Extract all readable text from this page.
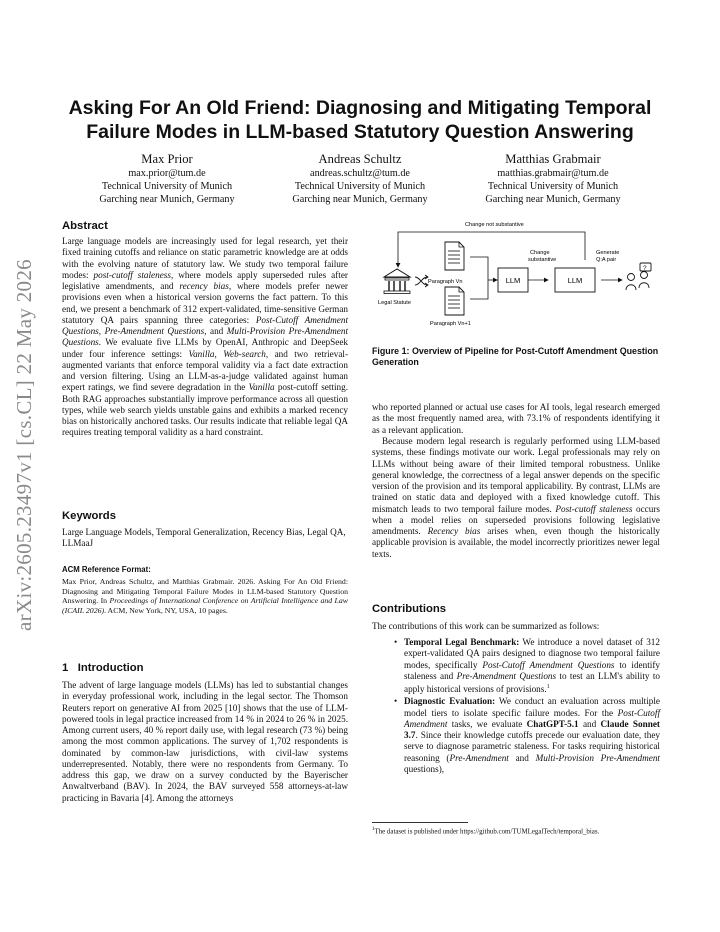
arXiv:2605.23497v1 [cs.CL] 22 May 2026
Asking For An Old Friend: Diagnosing and Mitigating Temporal
Failure Modes in LLM-based Statutory Question Answering
Max Prior
max.prior@tum.de
Technical University of Munich
Garching near Munich, Germany
Andreas Schultz
andreas.schultz@tum.de
Technical University of Munich
Garching near Munich, Germany
Matthias Grabmair
matthias.grabmair@tum.de
Technical University of Munich
Garching near Munich, Germany
Abstract

Large language models are increasingly used for legal research, yet their fixed training cutoffs and reliance on static parametric knowledge are at odds with the evolving nature of statutory law. We study two temporal failure modes: post-cutoff staleness, where models apply superseded rules after legislative amendments, and recency bias, where models prefer newer provisions even when a historical version governs the fact pattern. To this end, we present a benchmark of 312 expert-validated, time-sensitive German statutory QA pairs spanning three categories: Post-Cutoff Amendment Questions, Pre-Amendment Questions, and Multi-Provision Pre-Amendment Questions. We evaluate five LLMs by OpenAI, Anthropic and DeepSeek under four inference settings: Vanilla, Web-search, and two retrieval-augmented variants that enforce temporal validity via a fact date extraction and version filtering. Using an LLM-as-a-judge validated against human expert ratings, we find severe degradation in the Vanilla post-cutoff setting. Both RAG approaches substantially improve performance across all question types, while web search yields unstable gains and exhibits a marked recency bias on historically anchored tasks. Our results indicate that reliable legal QA requires treating temporal validity as a hard constraint.

Keywords
Large Language Models, Temporal Generalization, Recency Bias, Legal QA, LLMaaJ
ACM Reference Format:

Max Prior, Andreas Schultz, and Matthias Grabmair. 2026. Asking For An Old Friend: Diagnosing and Mitigating Temporal Failure Modes in LLM-based Statutory Question Answering. In Proceedings of International Conference on Artificial Intelligence and Law (ICAIL 2026). ACM, New York, NY, USA, 10 pages.

1   Introduction
The advent of large language models (LLMs) has led to substantial changes in everyday professional work, including in the legal sector. The Thomson Reuters report on generative AI from 2025 [10] shows that the use of LLM-powered tools in legal practice increased from 14 % in 2024 to 26 % in 2025. Among current users, 40 % report daily use, with legal research (73 %) being among the most common applications. The survey of 1,702 respondents is dominated by common-law jurisdictions, with civil-law systems underrepresented. Notably, there were no respondents from Germany. To address this gap, we draw on a survey conducted by the Bayerischer Anwaltverband (BAV). In 2024, the BAV surveyed 558 attorneys-at-law practicing in Bavaria [4]. Among the attorneys
Change not substantive
Legal Statute
Paragraph Vn
Paragraph Vn+1
LLM
Change
substantive
LLM
Generate
Q:A pair
?
Figure 1: Overview of Pipeline for Post-Cutoff Amendment Question Generation
who reported planned or actual use cases for AI tools, legal research emerged as the most frequently named area, with 73.1% of respondents identifying it as a relevant application.

Because modern legal research is regularly performed using LLM-based systems, these findings motivate our work. Legal professionals may rely on LLMs without being aware of their limited temporal robustness. Unlike general knowledge, the correctness of a legal answer depends on the specific version of the provision and its temporal applicability. By contrast, LLMs are trained on static data and deployed with a fixed knowledge cutoff. This mismatch leads to two temporal failure modes. Post-cutoff staleness occurs when a model relies on superseded provisions following legislative amendments. Recency bias arises when, even though the historically applicable provision is available, the model incorrectly prioritizes newer legal texts.

Contributions
The contributions of this work can be summarized as follows:
• Temporal Legal Benchmark: We introduce a novel dataset of 312 expert-validated QA pairs designed to diagnose two temporal failure modes, specifically Post-Cutoff Amendment Questions to identify staleness and Pre-Amendment Questions to test an LLM's ability to apply historical versions of provisions.$^1$
• Diagnostic Evaluation: We conduct an evaluation across multiple model tiers to isolate specific failure modes. For the Post-Cutoff Amendment tasks, we evaluate ChatGPT-5.1 and Claude Sonnet 3.7. Since their knowledge cutoffs precede our evaluation date, they serve to diagnose parametric staleness. For tasks requiring historical reasoning (Pre-Amendment and Multi-Provision Pre-Amendment questions),
$^1$The dataset is published under https://github.com/TUMLegalTech/temporal_bias.
